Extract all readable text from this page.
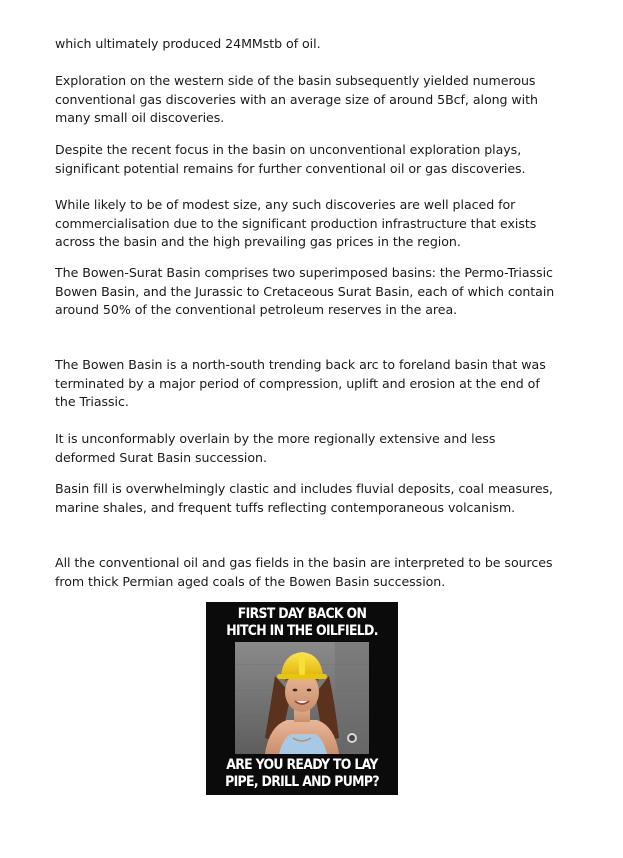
which ultimately produced 24MMstb of oil.

Exploration on the western side of the basin subsequently yielded numerous conventional gas discoveries with an average size of around 5Bcf, along with many small oil discoveries.

Despite the recent focus in the basin on unconventional exploration plays, significant potential remains for further conventional oil or gas discoveries.

While likely to be of modest size, any such discoveries are well placed for commercialisation due to the significant production infrastructure that exists across the basin and the high prevailing gas prices in the region.

The Bowen-Surat Basin comprises two superimposed basins: the Permo-Triassic Bowen Basin, and the Jurassic to Cretaceous Surat Basin, each of which contain around 50% of the conventional petroleum reserves in the area.

The Bowen Basin is a north-south trending back arc to foreland basin that was terminated by a major period of compression, uplift and erosion at the end of the Triassic.

It is unconformably overlain by the more regionally extensive and less deformed Surat Basin succession.

Basin fill is overwhelmingly clastic and includes fluvial deposits, coal measures, marine shales, and frequent tuffs reflecting contemporaneous volcanism.

All the conventional oil and gas fields in the basin are interpreted to be sources from thick Permian aged coals of the Bowen Basin succession.

FIRST DAY BACK ON HITCH IN THE OILFIELD.
ARE YOU READY TO LAY PIPE, DRILL AND PUMP?
